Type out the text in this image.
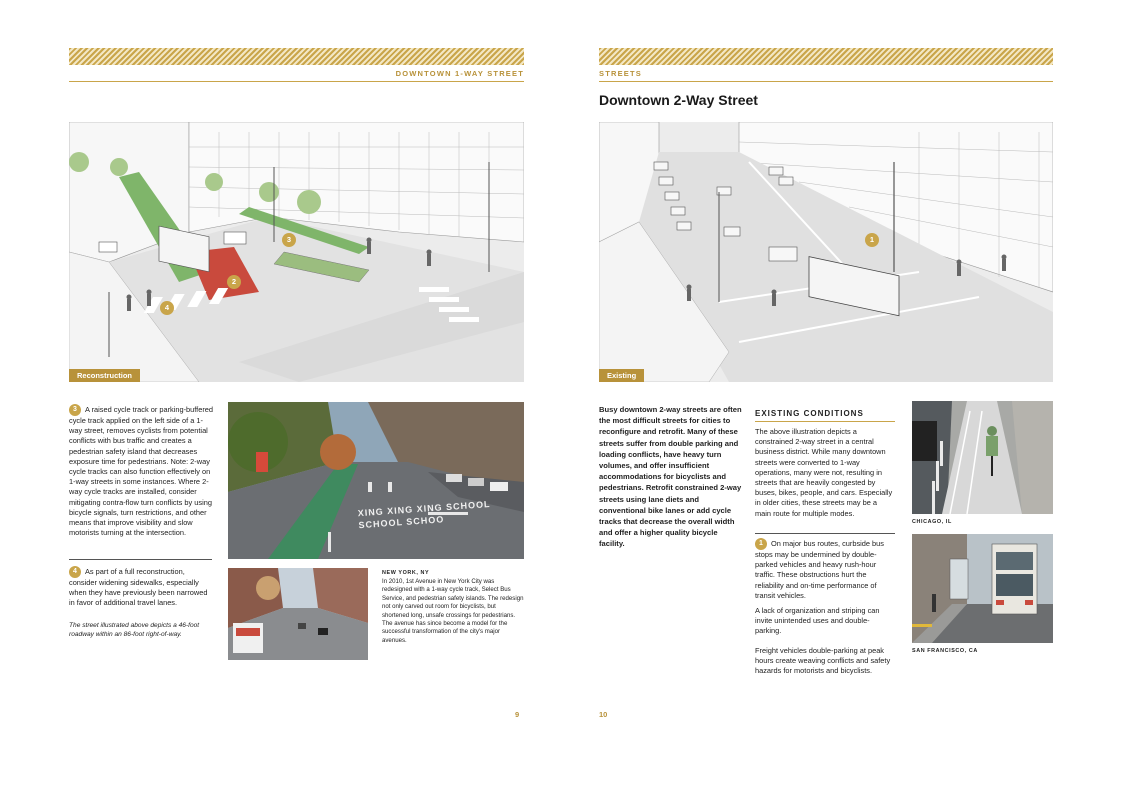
DOWNTOWN 1-WAY STREET
2
3
4
Reconstruction
3 A raised cycle track or parking-buffered cycle track applied on the left side of a 1-way street, removes cyclists from potential conflicts with bus traffic and creates a pedestrian safety island that decreases exposure time for pedestrians. Note: 2-way cycle tracks can also function effectively on 1-way streets in some instances. Where 2-way cycle tracks are installed, consider mitigating contra-flow turn conflicts by using bicycle signals, turn restrictions, and other means that improve visibility and slow motorists turning at the intersection.
4 As part of a full reconstruction, consider widening sidewalks, especially when they have previously been narrowed in favor of additional travel lanes.
The street illustrated above depicts a 46-foot roadway within an 86-foot right-of-way.
XING XING XING SCHOOL SCHOOL SCHOO
NEW YORK, NY
In 2010, 1st Avenue in New York City was redesigned with a 1-way cycle track, Select Bus Service, and pedestrian safety islands. The redesign not only carved out room for bicyclists, but shortened long, unsafe crossings for pedestrians. The avenue has since become a model for the successful transformation of the city's major avenues.
9
STREETS
Downtown 2-Way Street
1
Existing
Busy downtown 2-way streets are often the most difficult streets for cities to reconfigure and retrofit. Many of these streets suffer from double parking and loading conflicts, have heavy turn volumes, and offer insufficient accommodations for bicyclists and pedestrians. Retrofit constrained 2-way streets using lane diets and conventional bike lanes or add cycle tracks that decrease the overall width and offer a higher quality bicycle facility.
EXISTING CONDITIONS
The above illustration depicts a constrained 2-way street in a central business district. While many downtown streets were converted to 1-way operations, many were not, resulting in streets that are heavily congested by buses, bikes, people, and cars. Especially in older cities, these streets may be a main route for multiple modes.
1 On major bus routes, curbside bus stops may be undermined by double-parked vehicles and heavy rush-hour traffic. These obstructions hurt the reliability and on-time performance of transit vehicles.
A lack of organization and striping can invite unintended uses and double-parking.
Freight vehicles double-parking at peak hours create weaving conflicts and safety hazards for motorists and bicyclists.
CHICAGO, IL
SAN FRANCISCO, CA
10
